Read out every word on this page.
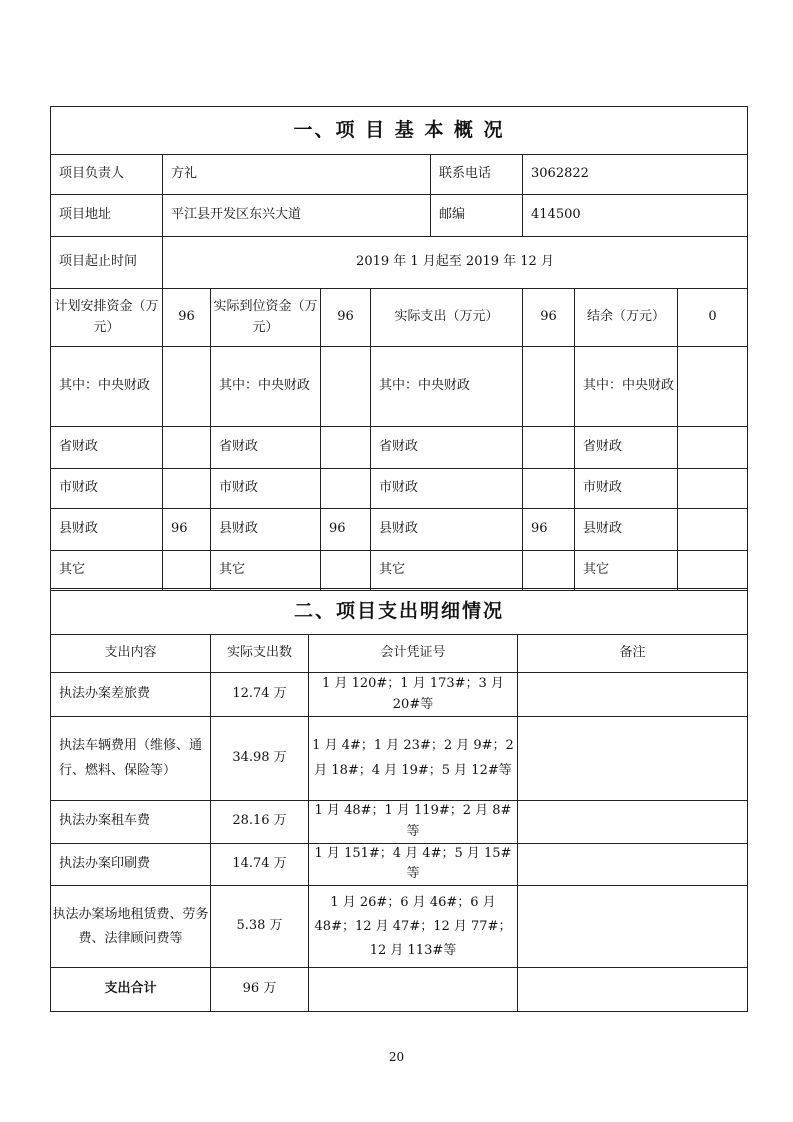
一、项 目 基 本 概 况								
项目负责人	方礼				联系电话	3062822		
项目地址	平江县开发区东兴大道				邮编	414500		
项目起止时间	2019 年 1 月起至 2019 年 12 月							
计划安排资金（万元）	96	实际到位资金（万元）	96	实际支出（万元）		96	结余（万元）	0
其中：中央财政		其中：中央财政		其中：中央财政			其中：中央财政	
省财政		省财政		省财政			省财政	
市财政		市财政		市财政			市财政	
县财政	96	县财政	96	县财政		96	县财政	
其它		其它		其它			其它	
二、项目支出明细情况			
支出内容	实际支出数	会计凭证号	备注
执法办案差旅费	12.74 万	1 月 120#；1 月 173#；3 月 20#等	
执法车辆费用（维修、通行、燃料、保险等）	34.98 万	1 月 4#；1 月 23#；2 月 9#；2 月 18#；4 月 19#；5 月 12#等	
执法办案租车费	28.16 万	1 月 48#；1 月 119#；2 月 8#等	
执法办案印刷费	14.74 万	1 月 151#；4 月 4#；5 月 15#等	
执法办案场地租赁费、劳务费、法律顾问费等	5.38 万	1 月 26#；6 月 46#；6 月 48#；12 月 47#；12 月 77#；12 月 113#等	
支出合计	96 万		
20
